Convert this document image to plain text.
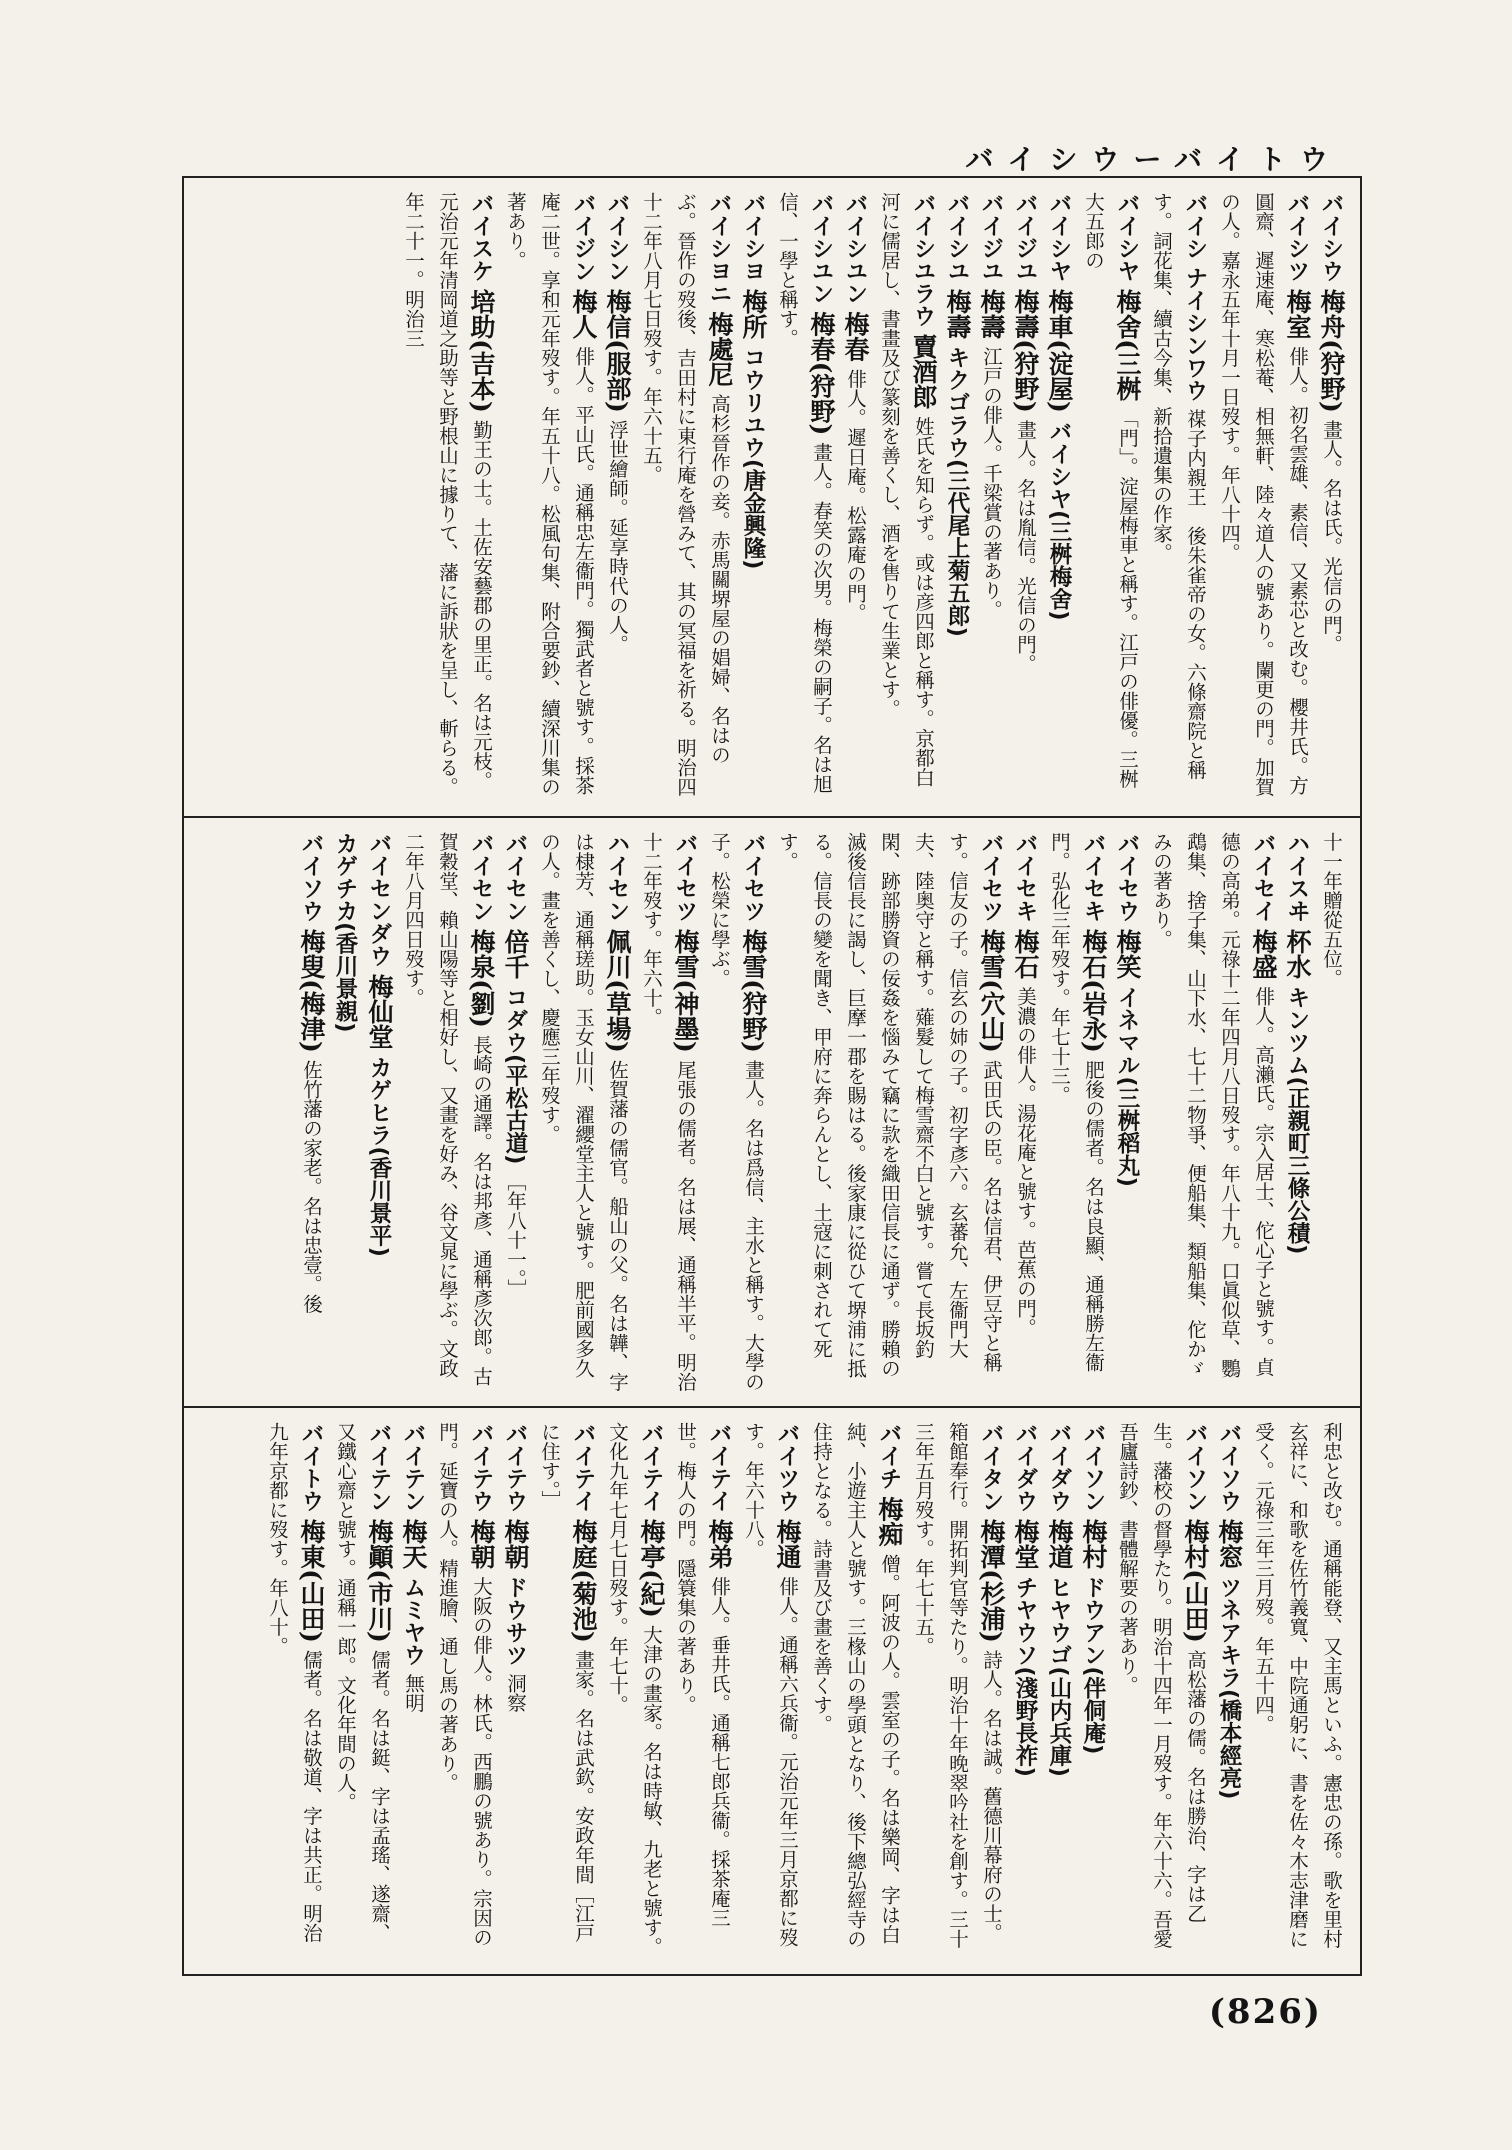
バイシウーバイトウ

バイシウ 梅舟(狩野) 畫人。名は氏。光信の門。

バイシツ 梅室 俳人。初名雲雄、素信、又素芯と改む。櫻井氏。方圓齋、遲速庵、寒松菴、相無軒、陸々道人の號あり。闌更の門。加賀の人。嘉永五年十月一日歿す。年八十四。

バイシ ナイシンワウ 禖子内親王　後朱雀帝の女。六條齋院と稱す。詞花集、續古今集、新拾遺集の作家。

バイシヤ 梅舍(三桝 「門」。淀屋梅車と稱す。江戸の俳優。三桝大五郎の

バイシヤ 梅車(淀屋) バイシヤ(三桝梅舍)

バイジユ 梅壽(狩野) 畫人。名は胤信。光信の門。

バイジユ 梅壽 江戸の俳人。千梁賞の著あり。

バイシユ 梅壽 キクゴラウ(三代尾上菊五郎)

バイシユラウ 賣酒郎 姓氏を知らず。或は彦四郎と稱す。京都白河に儒居し、書畫及び篆刻を善くし、酒を售りて生業とす。

バイシユン 梅春 俳人。遲日庵。松露庵の門。

バイシユン 梅春(狩野) 畫人。春笑の次男。梅榮の嗣子。名は旭信、一學と稱す。

バイシヨ 梅所 コウリユウ(唐金興隆)

バイシヨニ 梅處尼 高杉晉作の妾。赤馬關堺屋の娼婦、名はのぶ。晉作の歿後、吉田村に東行庵を營みて、其の冥福を祈る。明治四十二年八月七日歿す。年六十五。

バイシン 梅信(服部) 浮世繪師。延享時代の人。

バイジン 梅人 俳人。平山氏。通稱忠左衞門。獨武者と號す。採茶庵二世。享和元年歿す。年五十八。松風句集、附合要鈔、續深川集の著あり。

バイスケ 培助(吉本) 勤王の士。土佐安藝郡の里正。名は元枝。元治元年清岡道之助等と野根山に據りて、藩に訴狀を呈し、斬らる。年二十一。明治三

十一年贈從五位。

ハイスヰ 杯水 キンツム(正親町三條公積)

バイセイ 梅盛 俳人。高瀨氏。宗入居士、佗心子と號す。貞德の高弟。元祿十二年四月八日歿す。年八十九。口眞似草、鸚鵡集、捨子集、山下水、七十二物爭、便船集、類船集、佗かゞみの著あり。

バイセウ 梅笑 イネマル(三桝稻丸)

バイセキ 梅石(岩永) 肥後の儒者。名は良顯、通稱勝左衞門。弘化三年歿す。年七十三。

バイセキ 梅石 美濃の俳人。湯花庵と號す。芭蕉の門。

バイセツ 梅雪(穴山) 武田氏の臣。名は信君、伊豆守と稱す。信友の子。信玄の姉の子。初字彥六。玄蕃允、左衞門大夫、陸奥守と稱す。薙髮して梅雪齋不白と號す。嘗て長坂釣閑、跡部勝資の佞姦を惱みて竊に款を織田信長に通ず。勝賴の滅後信長に謁し、巨摩一郡を賜はる。後家康に從ひて堺浦に抵る。信長の變を聞き、甲府に奔らんとし、土寇に刺されて死す。

バイセツ 梅雪(狩野) 畫人。名は爲信、主水と稱す。大學の子。松榮に學ぶ。

バイセツ 梅雪(神墨) 尾張の儒者。名は展、通稱半平。明治十二年歿す。年六十。

ハイセン 佩川(草場) 佐賀藩の儒官。船山の父。名は韡、字は棣芳、通稱瑳助。玉女山川、濯纓堂主人と號す。肥前國多久の人。畫を善くし、慶應三年歿す。

バイセン 倍千 コダウ(平松古道) ［年八十一。］

バイセン 梅泉(劉) 長崎の通譯。名は邦彥、通稱彥次郎。古賀穀堂、賴山陽等と相好し、又畫を好み、谷文晁に學ぶ。文政二年八月四日歿す。

バイセンダウ 梅仙堂 カゲヒラ(香川景平)

カゲチカ(香川景親)

バイソウ 梅叟(梅津) 佐竹藩の家老。名は忠壹。後

利忠と改む。通稱能登、又主馬といふ。憲忠の孫。歌を里村玄祥に、和歌を佐竹義寬、中院通躬に、書を佐々木志津磨に受く。元祿三年三月歿。年五十四。

バイソウ 梅窓 ツネアキラ(橋本經亮)

バイソン 梅村(山田) 高松藩の儒。名は勝治、字は乙生。藩校の督學たり。明治十四年一月歿す。年六十六。吾愛吾廬詩鈔、書體解要の著あり。

バイソン 梅村 ドウアン(伴侗庵)

バイダウ 梅道 ヒヤウゴ(山内兵庫)

バイダウ 梅堂 チヤウソ(淺野長祚)

バイタン 梅潭(杉浦) 詩人。名は誠。舊德川幕府の士。箱館奉行。開拓判官等たり。明治十年晚翠吟社を創す。三十三年五月歿す。年七十五。

バイチ 梅痴 僧。阿波の人。雲室の子。名は樂岡、字は白純、小遊主人と號す。三椽山の學頭となり、後下總弘經寺の住持となる。詩書及び畫を善くす。

バイツウ 梅通 俳人。通稱六兵衞。元治元年三月京都に歿す。年六十八。

バイテイ 梅弟 俳人。垂井氏。通稱七郎兵衞。採茶庵三世。梅人の門。隱簑集の著あり。

バイテイ 梅亭(紀) 大津の畫家。名は時敏、九老と號す。文化九年七月七日歿す。年七十。

バイテイ 梅庭(菊池) 畫家。名は武欽。安政年間［江戸に住す。］

バイテウ 梅朝 ドウサツ 洞察

バイテウ 梅朝 大阪の俳人。林氏。西鵬の號あり。宗因の門。延寶の人。精進膾、通し馬の著あり。

バイテン 梅天 ムミヤウ 無明

バイテン 梅顚(市川) 儒者。名は鋌、字は孟瑤、遂齋、又鐵心齋と號す。通稱一郎。文化年間の人。

バイトウ 梅東(山田) 儒者。名は敬道、字は共正。明治九年京都に歿す。年八十。

(826)
